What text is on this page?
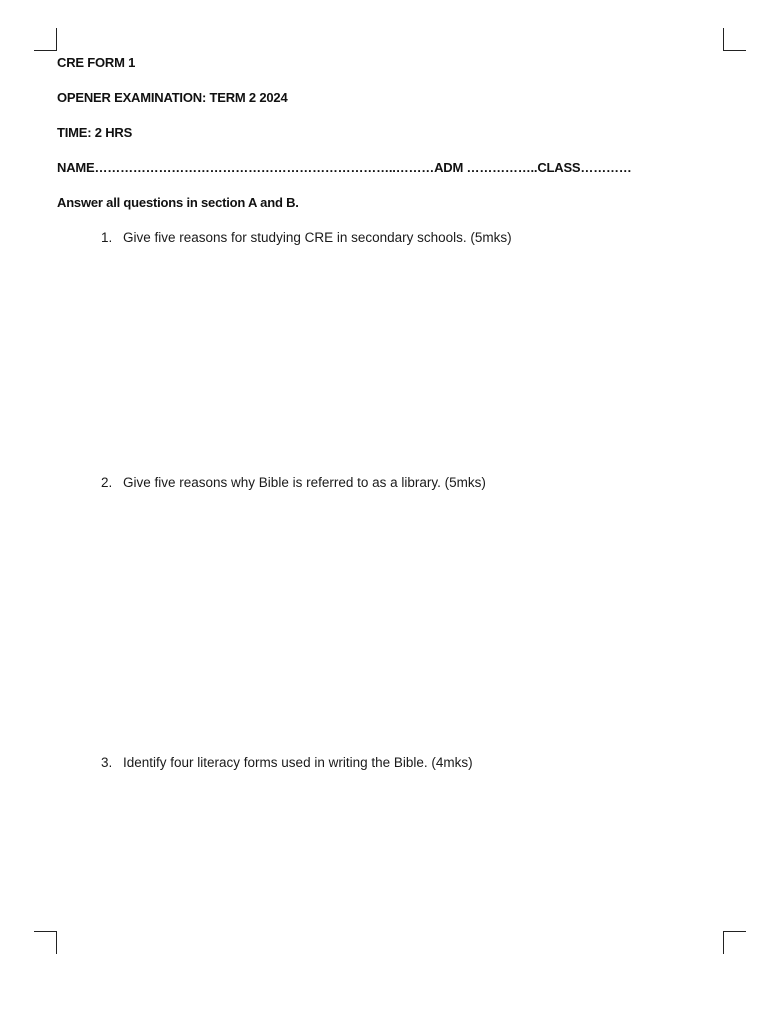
CRE FORM 1
OPENER EXAMINATION: TERM 2 2024
TIME: 2 HRS
NAME……………………………………………………………..………ADM ……………..CLASS…………
Answer all questions in section A and B.
1. Give five reasons for studying CRE in secondary schools. (5mks)
2. Give five reasons why Bible is referred to as a library. (5mks)
3. Identify four literacy forms used in writing the Bible. (4mks)
